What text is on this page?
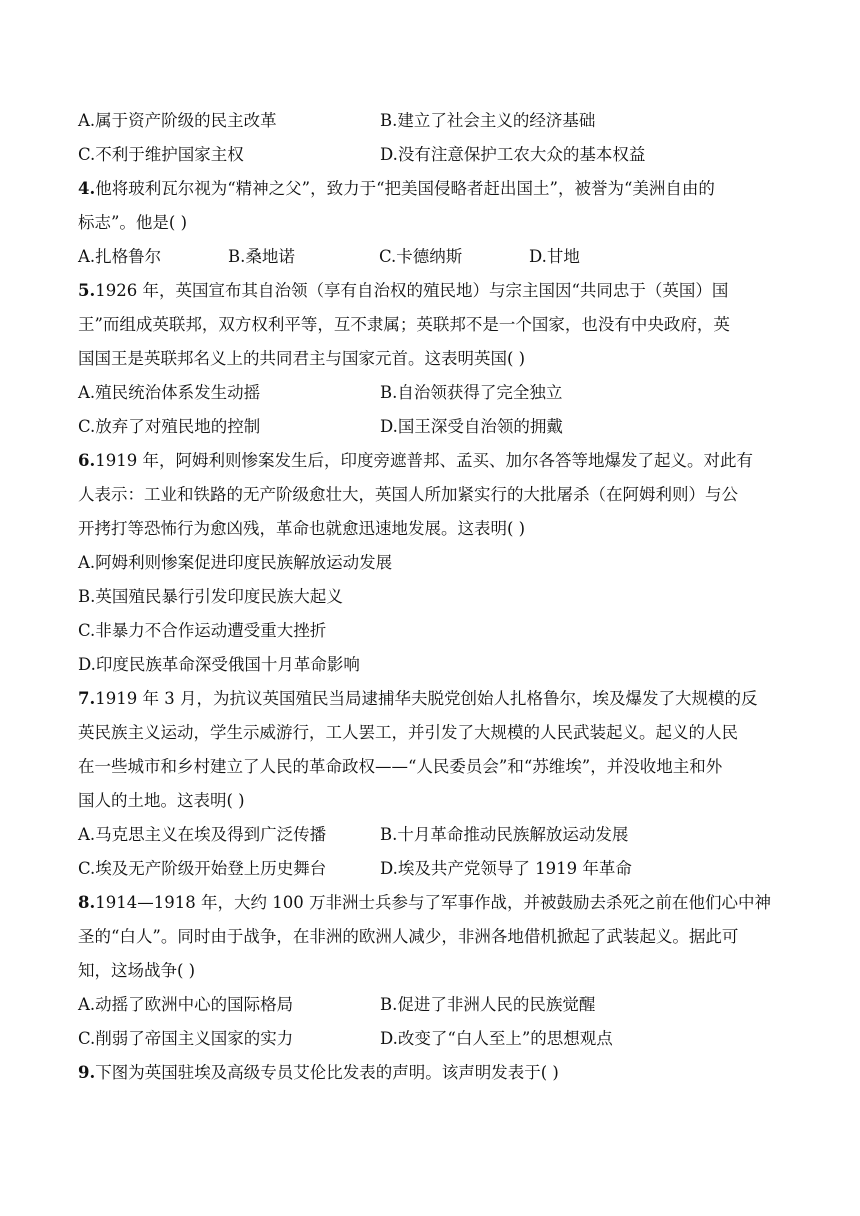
A.属于资产阶级的民主改革	B.建立了社会主义的经济基础
C.不利于维护国家主权	D.没有注意保护工农大众的基本权益
4.他将玻利瓦尔视为“精神之父”，致力于“把美国侵略者赶出国土”，被誉为“美洲自由的
标志”。他是( )
A.扎格鲁尔	B.桑地诺	C.卡德纳斯	D.甘地
5.1926 年，英国宣布其自治领（享有自治权的殖民地）与宗主国因“共同忠于（英国）国
王”而组成英联邦，双方权利平等，互不隶属；英联邦不是一个国家，也没有中央政府，英
国国王是英联邦名义上的共同君主与国家元首。这表明英国( )
A.殖民统治体系发生动摇	B.自治领获得了完全独立
C.放弃了对殖民地的控制	D.国王深受自治领的拥戴
6.1919 年，阿姆利则惨案发生后，印度旁遮普邦、孟买、加尔各答等地爆发了起义。对此有
人表示：工业和铁路的无产阶级愈壮大，英国人所加紧实行的大批屠杀（在阿姆利则）与公
开拷打等恐怖行为愈凶残，革命也就愈迅速地发展。这表明( )
A.阿姆利则惨案促进印度民族解放运动发展
B.英国殖民暴行引发印度民族大起义
C.非暴力不合作运动遭受重大挫折
D.印度民族革命深受俄国十月革命影响
7.1919 年 3 月，为抗议英国殖民当局逮捕华夫脱党创始人扎格鲁尔，埃及爆发了大规模的反
英民族主义运动，学生示威游行，工人罢工，并引发了大规模的人民武装起义。起义的人民
在一些城市和乡村建立了人民的革命政权——“人民委员会”和“苏维埃”，并没收地主和外
国人的土地。这表明( )
A.马克思主义在埃及得到广泛传播	B.十月革命推动民族解放运动发展
C.埃及无产阶级开始登上历史舞台	D.埃及共产党领导了 1919 年革命
8.1914—1918 年，大约 100 万非洲士兵参与了军事作战，并被鼓励去杀死之前在他们心中神
圣的“白人”。同时由于战争，在非洲的欧洲人减少，非洲各地借机掀起了武装起义。据此可
知，这场战争( )
A.动摇了欧洲中心的国际格局	B.促进了非洲人民的民族觉醒
C.削弱了帝国主义国家的实力	D.改变了“白人至上”的思想观点
9.下图为英国驻埃及高级专员艾伦比发表的声明。该声明发表于( )
